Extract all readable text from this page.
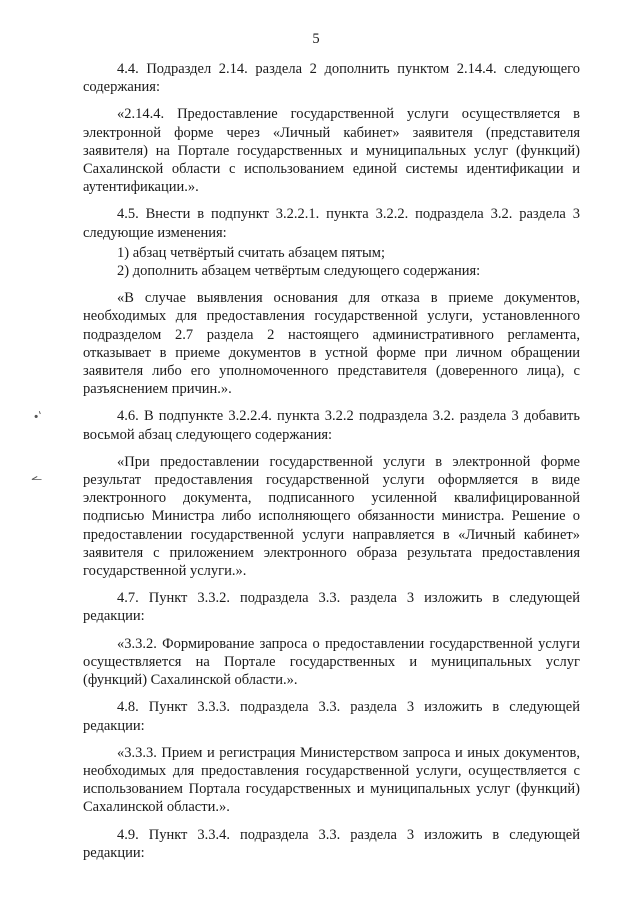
5
•'
ı⁄

4.4. Подраздел 2.14. раздела 2 дополнить пунктом 2.14.4. следующего содержания:

«2.14.4. Предоставление государственной услуги осуществляется в электронной форме через «Личный кабинет» заявителя (представителя заявителя) на Портале государственных и муниципальных услуг (функций) Сахалинской области с использованием единой системы идентификации и аутентификации.».

4.5. Внести в подпункт 3.2.2.1. пункта 3.2.2. подраздела 3.2. раздела 3 следующие изменения:

1) абзац четвёртый считать абзацем пятым;

2) дополнить абзацем четвёртым следующего содержания:

«В случае выявления основания для отказа в приеме документов, необходимых для предоставления государственной услуги, установленного подразделом 2.7 раздела 2 настоящего административного регламента, отказывает в приеме документов в устной форме при личном обращении заявителя либо его уполномоченного представителя (доверенного лица), с разъяснением причин.».

4.6. В подпункте 3.2.2.4. пункта 3.2.2 подраздела 3.2. раздела 3 добавить восьмой абзац следующего содержания:

«При предоставлении государственной услуги в электронной форме результат предоставления государственной услуги оформляется в виде электронного документа, подписанного усиленной квалифицированной подписью Министра либо исполняющего обязанности министра. Решение о предоставлении государственной услуги направляется в «Личный кабинет» заявителя с приложением электронного образа результата предоставления государственной услуги.».

4.7. Пункт 3.3.2. подраздела 3.3. раздела 3 изложить в следующей редакции:

«3.3.2. Формирование запроса о предоставлении государственной услуги осуществляется на Портале государственных и муниципальных услуг (функций) Сахалинской области.».

4.8. Пункт 3.3.3. подраздела 3.3. раздела 3 изложить в следующей редакции:

«3.3.3. Прием и регистрация Министерством запроса и иных документов, необходимых для предоставления государственной услуги, осуществляется с использованием Портала государственных и муниципальных услуг (функций) Сахалинской области.».

4.9. Пункт 3.3.4. подраздела 3.3. раздела 3 изложить в следующей редакции:
